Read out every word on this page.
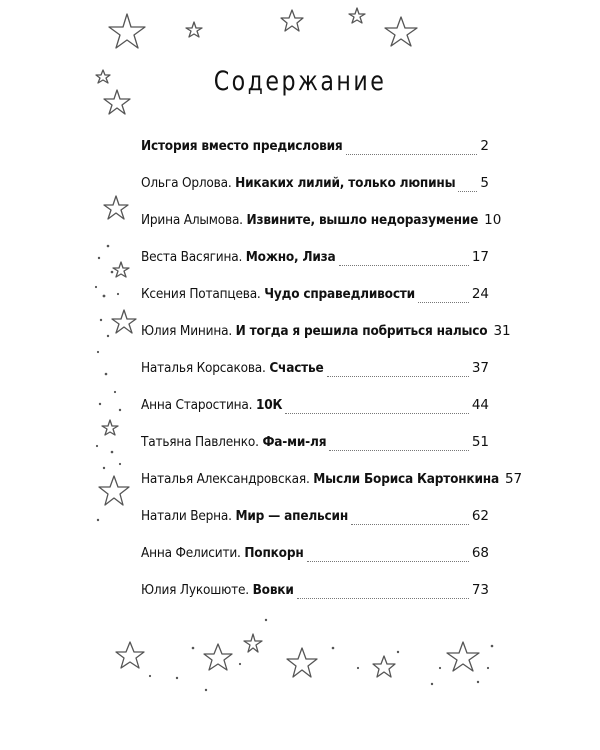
Содержание
История вместо предисловия	2
Ольга Орлова. Никаких лилий, только люпины 5
Ирина Алымова. Извините, вышло недоразумение 10
Веста Васягина. Можно, Лиза	17
Ксения Потапцева. Чудо справедливости	24
Юлия Минина. И тогда я решила побриться налысо 31
Наталья Корсакова. Счастье	37
Анна Старостина. 10К	44
Татьяна Павленко. Фа-ми-ля	51
Наталья Александровская. Мысли Бориса Картонкина 57
Натали Верна. Мир — апельсин	62
Анна Фелисити. Попкорн	68
Юлия Лукошюте. Вовки	73
